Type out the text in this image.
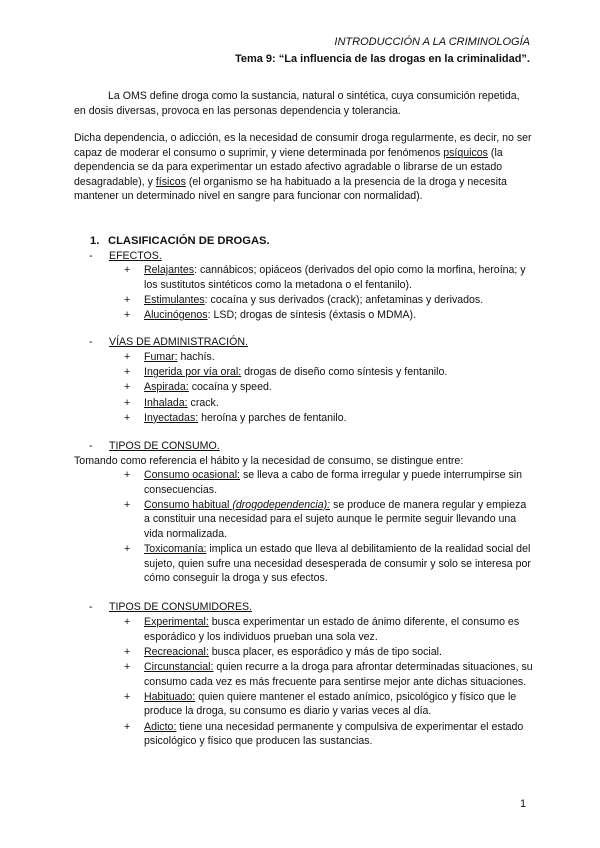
INTRODUCCIÓN A LA CRIMINOLOGÍA
Tema 9: “La influencia de las drogas en la criminalidad”.

La OMS define droga como la sustancia, natural o sintética, cuya consumición repetida, en dosis diversas, provoca en las personas dependencia y tolerancia.

Dicha dependencia, o adicción, es la necesidad de consumir droga regularmente, es decir, no ser capaz de moderar el consumo o suprimir, y viene determinada por fenómenos psíquicos (la dependencia se da para experimentar un estado afectivo agradable o librarse de un estado desagradable), y físicos (el organismo se ha habituado a la presencia de la droga y necesita mantener un determinado nivel en sangre para funcionar con normalidad).

1. CLASIFICACIÓN DE DROGAS.
- EFECTOS.
+ Relajantes: cannábicos; opiáceos (derivados del opio como la morfina, heroína; y los sustitutos sintéticos como la metadona o el fentanilo).
+ Estimulantes: cocaína y sus derivados (crack); anfetaminas y derivados.
+ Alucinógenos: LSD; drogas de síntesis (éxtasis o MDMA).
- VÍAS DE ADMINISTRACIÓN.
+ Fumar: hachís.
+ Ingerida por vía oral: drogas de diseño como síntesis y fentanilo.
+ Aspirada: cocaína y speed.
+ Inhalada: crack.
+ Inyectadas: heroína y parches de fentanilo.
- TIPOS DE CONSUMO.
Tomando como referencia el hábito y la necesidad de consumo, se distingue entre:
+ Consumo ocasional: se lleva a cabo de forma irregular y puede interrumpirse sin consecuencias.
+ Consumo habitual (drogodependencia): se produce de manera regular y empieza a constituir una necesidad para el sujeto aunque le permite seguir llevando una vida normalizada.
+ Toxicomanía: implica un estado que lleva al debilitamiento de la realidad social del sujeto, quien sufre una necesidad desesperada de consumir y solo se interesa por cómo conseguir la droga y sus efectos.
- TIPOS DE CONSUMIDORES.
+ Experimental: busca experimentar un estado de ánimo diferente, el consumo es esporádico y los individuos prueban una sola vez.
+ Recreacional: busca placer, es esporádico y más de tipo social.
+ Circunstancial: quien recurre a la droga para afrontar determinadas situaciones, su consumo cada vez es más frecuente para sentirse mejor ante dichas situaciones.
+ Habituado: quien quiere mantener el estado anímico, psicológico y físico que le produce la droga, su consumo es diario y varias veces al día.
+ Adicto: tiene una necesidad permanente y compulsiva de experimentar el estado psicológico y físico que producen las sustancias.
1
